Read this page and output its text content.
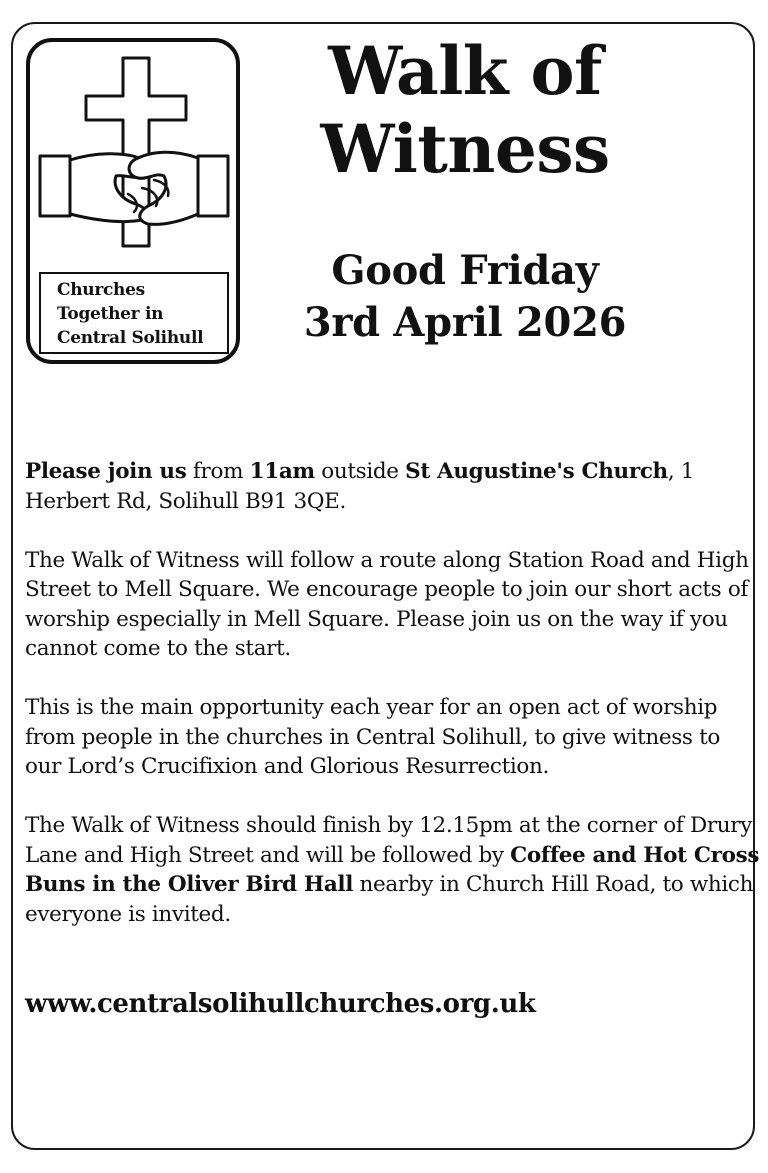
Churches
Together in
Central Solihull
Walk of
Witness
Good Friday
3rd April 2026

Please join us from 11am outside St Augustine's Church, 1 Herbert Rd, Solihull B91 3QE.

The Walk of Witness will follow a route along Station Road and High Street to Mell Square. We encourage people to join our short acts of worship especially in Mell Square. Please join us on the way if you cannot come to the start.

This is the main opportunity each year for an open act of worship from people in the churches in Central Solihull, to give witness to our Lord’s Crucifixion and Glorious Resurrection.

The Walk of Witness should finish by 12.15pm at the corner of Drury Lane and High Street and will be followed by Coffee and Hot Cross Buns in the Oliver Bird Hall nearby in Church Hill Road, to which everyone is invited.

www.centralsolihullchurches.org.uk
